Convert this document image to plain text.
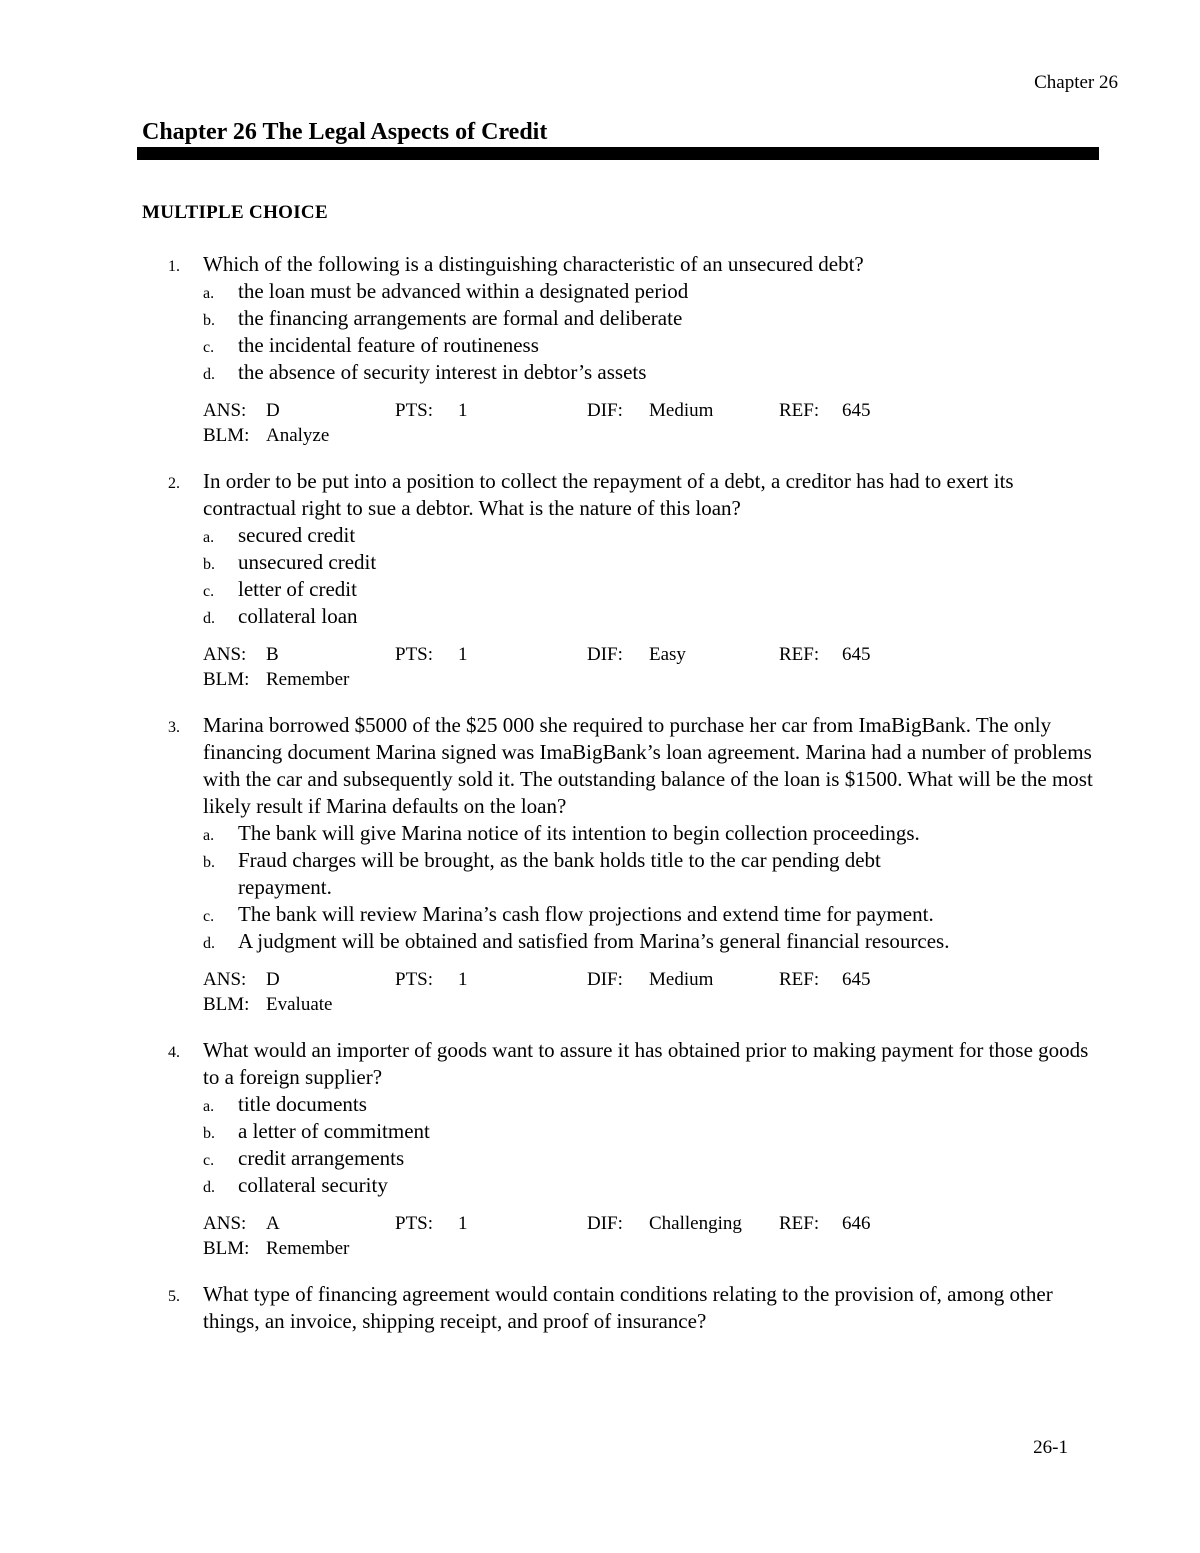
Chapter 26
Chapter 26 The Legal Aspects of Credit
MULTIPLE CHOICE
1.	Which of the following is a distinguishing characteristic of an unsecured debt?
a.	the loan must be advanced within a designated period
b.	the financing arrangements are formal and deliberate
c.	the incidental feature of routineness
d.	the absence of security interest in debtor’s assets
ANS:	D	PTS:	1	DIF:	Medium	REF:	645
BLM: Analyze
2.	In order to be put into a position to collect the repayment of a debt, a creditor has had to exert its contractual right to sue a debtor. What is the nature of this loan?
a.	secured credit
b.	unsecured credit
c.	letter of credit
d.	collateral loan
ANS:	B	PTS:	1	DIF:	Easy	REF:	645
BLM: Remember
3.	Marina borrowed $5000 of the $25 000 she required to purchase her car from ImaBigBank. The only financing document Marina signed was ImaBigBank’s loan agreement. Marina had a number of problems with the car and subsequently sold it. The outstanding balance of the loan is $1500. What will be the most likely result if Marina defaults on the loan?
a.	The bank will give Marina notice of its intention to begin collection proceedings.
b.	Fraud charges will be brought, as the bank holds title to the car pending debt repayment.
c.	The bank will review Marina’s cash flow projections and extend time for payment.
d.	A judgment will be obtained and satisfied from Marina’s general financial resources.
ANS:	D	PTS:	1	DIF:	Medium	REF:	645
BLM: Evaluate
4.	What would an importer of goods want to assure it has obtained prior to making payment for those goods to a foreign supplier?
a.	title documents
b.	a letter of commitment
c.	credit arrangements
d.	collateral security
ANS:	A	PTS:	1	DIF:	Challenging REF:	646
BLM: Remember
5.	What type of financing agreement would contain conditions relating to the provision of, among other things, an invoice, shipping receipt, and proof of insurance?
26-1
